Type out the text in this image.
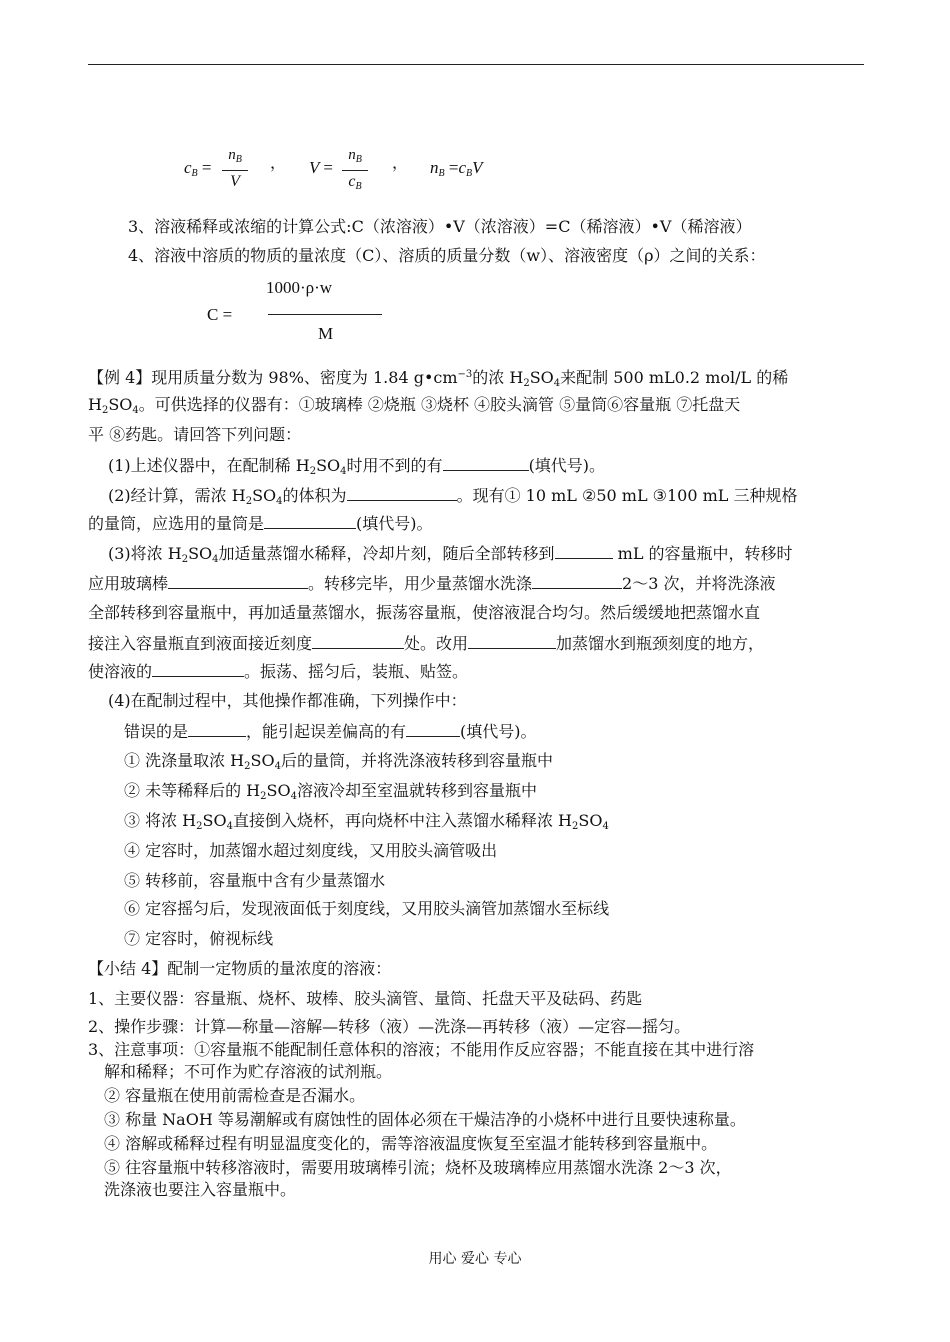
$c_B$ =
$n_B$
V
， V =
$n_B$
$c_B$
， $n_B =c_BV$
3、溶液稀释或浓缩的计算公式:C（浓溶液）•V（浓溶液）=C（稀溶液）•V（稀溶液）
4、溶液中溶质的物质的量浓度（C）、溶质的质量分数（w）、溶液密度（ρ）之间的关系：
C =
1000·ρ·w
M
【例 4】现用质量分数为 98%、密度为 1.84 $g•cm^{-3}$的浓 $H_2SO_4$来配制 500 mL0.2 mol/L 的稀
$H_2SO_4$。可供选择的仪器有：①玻璃棒 ②烧瓶 ③烧杯 ④胶头滴管 ⑤量筒⑥容量瓶 ⑦托盘天
平 ⑧药匙。请回答下列问题：
(1)上述仪器中，在配制稀 $H_2SO_4$时用不到的有	(填代号)。
(2)经计算，需浓 $H_2SO_4$的体积为	。现有① 10 mL ②50 mL ③100 mL 三种规格
的量筒，应选用的量筒是	(填代号)。
(3)将浓 $H_2SO_4$加适量蒸馏水稀释，冷却片刻，随后全部转移到	mL 的容量瓶中，转移时
应用玻璃棒	。转移完毕，用少量蒸馏水洗涤	2～3 次，并将洗涤液
全部转移到容量瓶中，再加适量蒸馏水，振荡容量瓶，使溶液混合均匀。然后缓缓地把蒸馏水直
接注入容量瓶直到液面接近刻度	处。改用	加蒸馏水到瓶颈刻度的地方，
使溶液的	。振荡、摇匀后，装瓶、贴签。
(4)在配制过程中，其他操作都准确，下列操作中：
错误的是	，能引起误差偏高的有	(填代号)。
① 洗涤量取浓 $H_2SO_4$后的量筒，并将洗涤液转移到容量瓶中
② 未等稀释后的 $H_2SO_4$溶液冷却至室温就转移到容量瓶中
③ 将浓 $H_2SO_4$直接倒入烧杯，再向烧杯中注入蒸馏水稀释浓 $H_2SO_4$
④ 定容时，加蒸馏水超过刻度线，又用胶头滴管吸出
⑤ 转移前，容量瓶中含有少量蒸馏水
⑥ 定容摇匀后，发现液面低于刻度线，又用胶头滴管加蒸馏水至标线
⑦ 定容时，俯视标线
【小结 4】配制一定物质的量浓度的溶液：
1、主要仪器：容量瓶、烧杯、玻棒、胶头滴管、量筒、托盘天平及砝码、药匙
2、操作步骤：计算—称量—溶解—转移（液）—洗涤—再转移（液）—定容—摇匀。
3、注意事项：①容量瓶不能配制任意体积的溶液；不能用作反应容器；不能直接在其中进行溶
解和稀释；不可作为贮存溶液的试剂瓶。
② 容量瓶在使用前需检查是否漏水。
③ 称量 NaOH 等易潮解或有腐蚀性的固体必须在干燥洁净的小烧杯中进行且要快速称量。
④ 溶解或稀释过程有明显温度变化的，需等溶液温度恢复至室温才能转移到容量瓶中。
⑤ 往容量瓶中转移溶液时，需要用玻璃棒引流；烧杯及玻璃棒应用蒸馏水洗涤 2～3 次，
洗涤液也要注入容量瓶中。
用心 爱心 专心
